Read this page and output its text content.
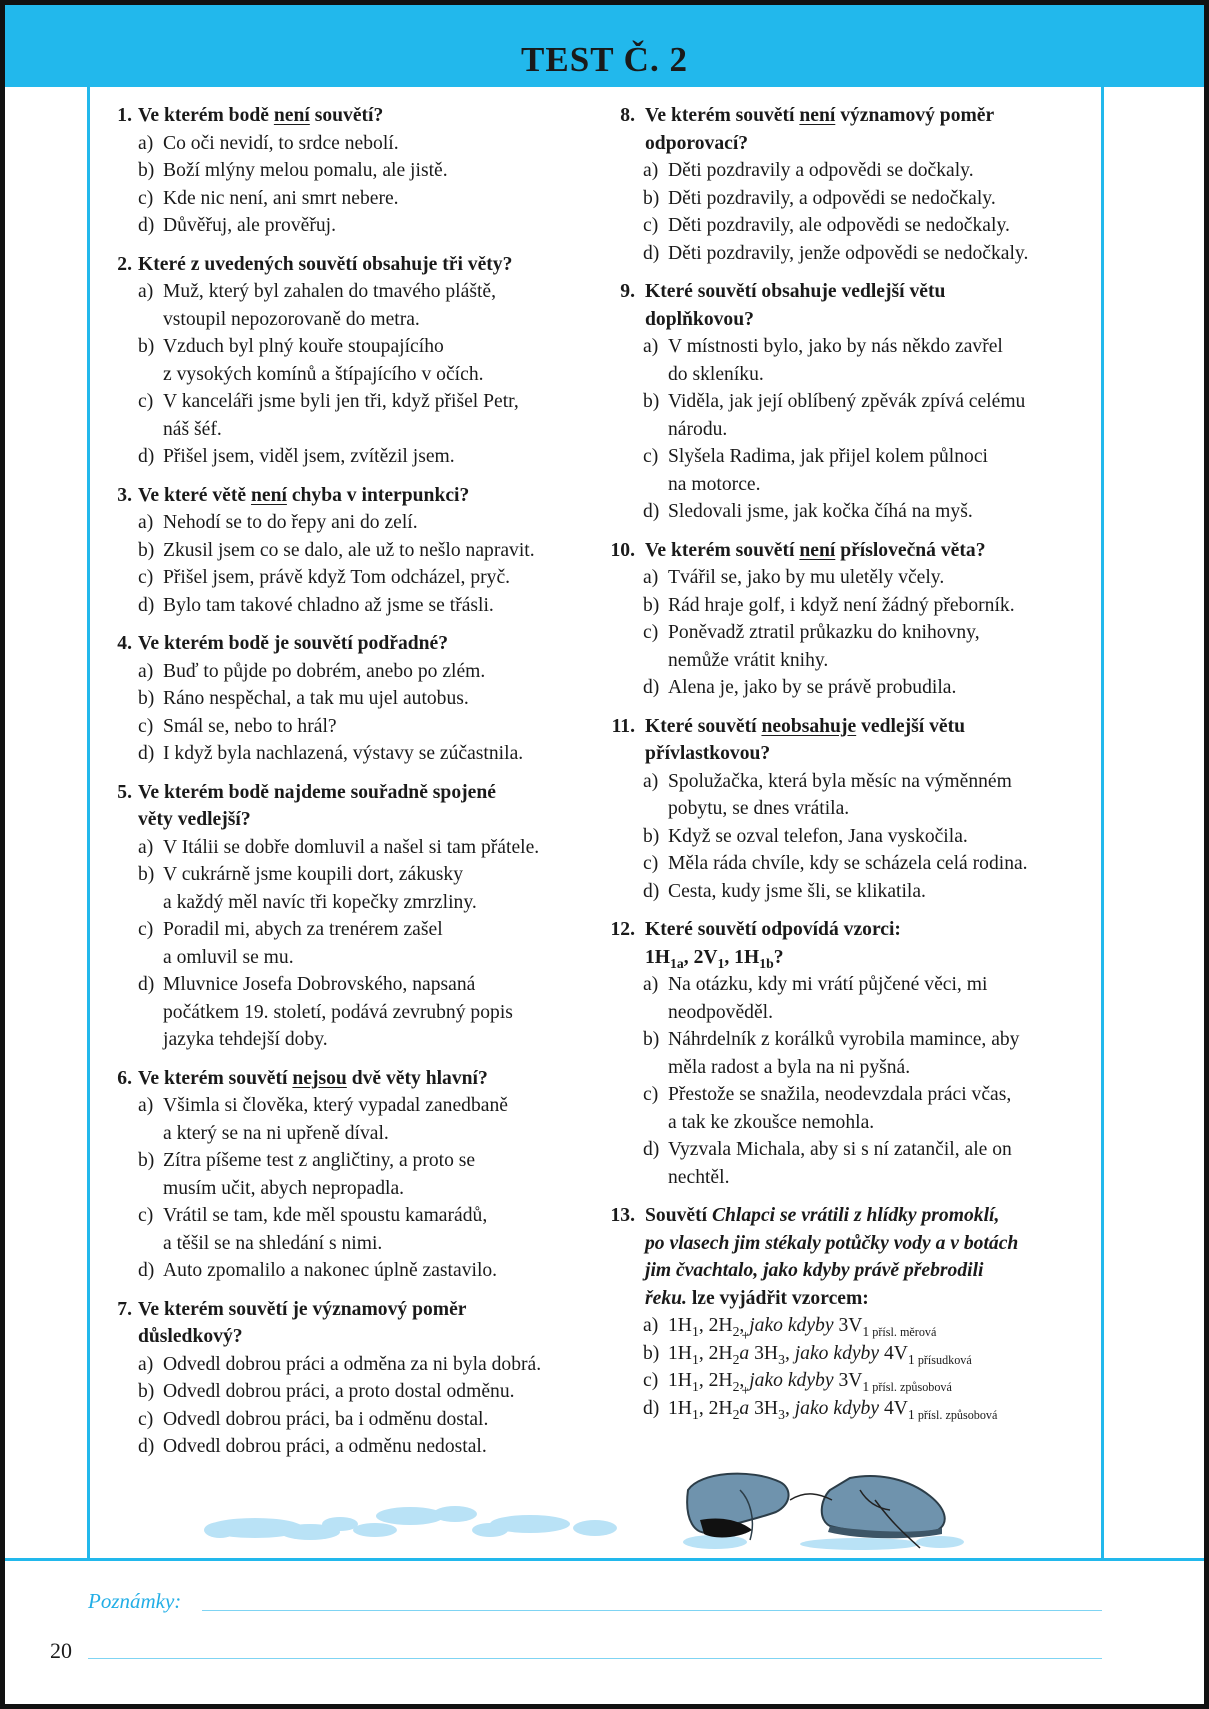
TEST Č. 2
1. Ve kterém bodě není souvětí?
a) Co oči nevidí, to srdce nebolí.
b) Boží mlýny melou pomalu, ale jistě.
c) Kde nic není, ani smrt nebere.
d) Důvěřuj, ale prověřuj.
2. Které z uvedených souvětí obsahuje tři věty?
a) Muž, který byl zahalen do tmavého pláště,
vstoupil nepozorovaně do metra.
b) Vzduch byl plný kouře stoupajícího
z vysokých komínů a štípajícího v očích.
c) V kanceláři jsme byli jen tři, když přišel Petr,
náš šéf.
d) Přišel jsem, viděl jsem, zvítězil jsem.
3. Ve které větě není chyba v interpunkci?
a) Nehodí se to do řepy ani do zelí.
b) Zkusil jsem co se dalo, ale už to nešlo napravit.
c) Přišel jsem, právě když Tom odcházel, pryč.
d) Bylo tam takové chladno až jsme se třásli.
4. Ve kterém bodě je souvětí podřadné?
a) Buď to půjde po dobrém, anebo po zlém.
b) Ráno nespěchal, a tak mu ujel autobus.
c) Smál se, nebo to hrál?
d) I když byla nachlazená, výstavy se zúčastnila.
5. Ve kterém bodě najdeme souřadně spojené
věty vedlejší?
a) V Itálii se dobře domluvil a našel si tam přátele.
b) V cukrárně jsme koupili dort, zákusky
a každý měl navíc tři kopečky zmrzliny.
c) Poradil mi, abych za trenérem zašel
a omluvil se mu.
d) Mluvnice Josefa Dobrovského, napsaná
počátkem 19. století, podává zevrubný popis
jazyka tehdejší doby.
6. Ve kterém souvětí nejsou dvě věty hlavní?
a) Všimla si člověka, který vypadal zanedbaně
a který se na ni upřeně díval.
b) Zítra píšeme test z angličtiny, a proto se
musím učit, abych nepropadla.
c) Vrátil se tam, kde měl spoustu kamarádů,
a těšil se na shledání s nimi.
d) Auto zpomalilo a nakonec úplně zastavilo.
7. Ve kterém souvětí je významový poměr
důsledkový?
a) Odvedl dobrou práci a odměna za ni byla dobrá.
b) Odvedl dobrou práci, a proto dostal odměnu.
c) Odvedl dobrou práci, ba i odměnu dostal.
d) Odvedl dobrou práci, a odměnu nedostal.
8. Ve kterém souvětí není významový poměr
odporovací?
a) Děti pozdravily a odpovědi se dočkaly.
b) Děti pozdravily, a odpovědi se nedočkaly.
c) Děti pozdravily, ale odpovědi se nedočkaly.
d) Děti pozdravily, jenže odpovědi se nedočkaly.
9. Které souvětí obsahuje vedlejší větu
doplňkovou?
a) V místnosti bylo, jako by nás někdo zavřel
do skleníku.
b) Viděla, jak její oblíbený zpěvák zpívá celému
národu.
c) Slyšela Radima, jak přijel kolem půlnoci
na motorce.
d) Sledovali jsme, jak kočka číhá na myš.
10. Ve kterém souvětí není příslovečná věta?
a) Tvářil se, jako by mu uletěly včely.
b) Rád hraje golf, i když není žádný přeborník.
c) Poněvadž ztratil průkazku do knihovny,
nemůže vrátit knihy.
d) Alena je, jako by se právě probudila.
11. Které souvětí neobsahuje vedlejší větu
přívlastkovou?
a) Spolužačka, která byla měsíc na výměnném
pobytu, se dnes vrátila.
b) Když se ozval telefon, Jana vyskočila.
c) Měla ráda chvíle, kdy se scházela celá rodina.
d) Cesta, kudy jsme šli, se klikatila.
12. Které souvětí odpovídá vzorci:
$1H_{1a}$, $2V_1$, $1H_{1b}$?
a) Na otázku, kdy mi vrátí půjčené věci, mi
neodpověděl.
b) Náhrdelník z korálků vyrobila mamince, aby
měla radost a byla na ni pyšná.
c) Přestože se snažila, neodevzdala práci včas,
a tak ke zkoušce nemohla.
d) Vyzvala Michala, aby si s ní zatančil, ale on
nechtěl.
13. Souvětí Chlapci se vrátili z hlídky promoklí,
po vlasech jim stékaly potůčky vody a v botách
jim čvachtalo, jako kdyby právě přebrodili
řeku. lze vyjádřit vzorcem:
a) $1H_1$, $2H_2$, jako kdyby $3V_1$ $_{přísl. měrová}$
b) $1H_1$, $2H_2+ a$ $3H_3$, jako kdyby $4V_1$ $_{přísudková}$
c) $1H_1$, $2H_2$, jako kdyby $3V_1$ $_{přísl. způsobová}$
d) $1H_1$, $2H_2+ a$ $3H_3$, jako kdyby $4V_1$ $_{přísl. způsobová}$
Poznámky:
20
